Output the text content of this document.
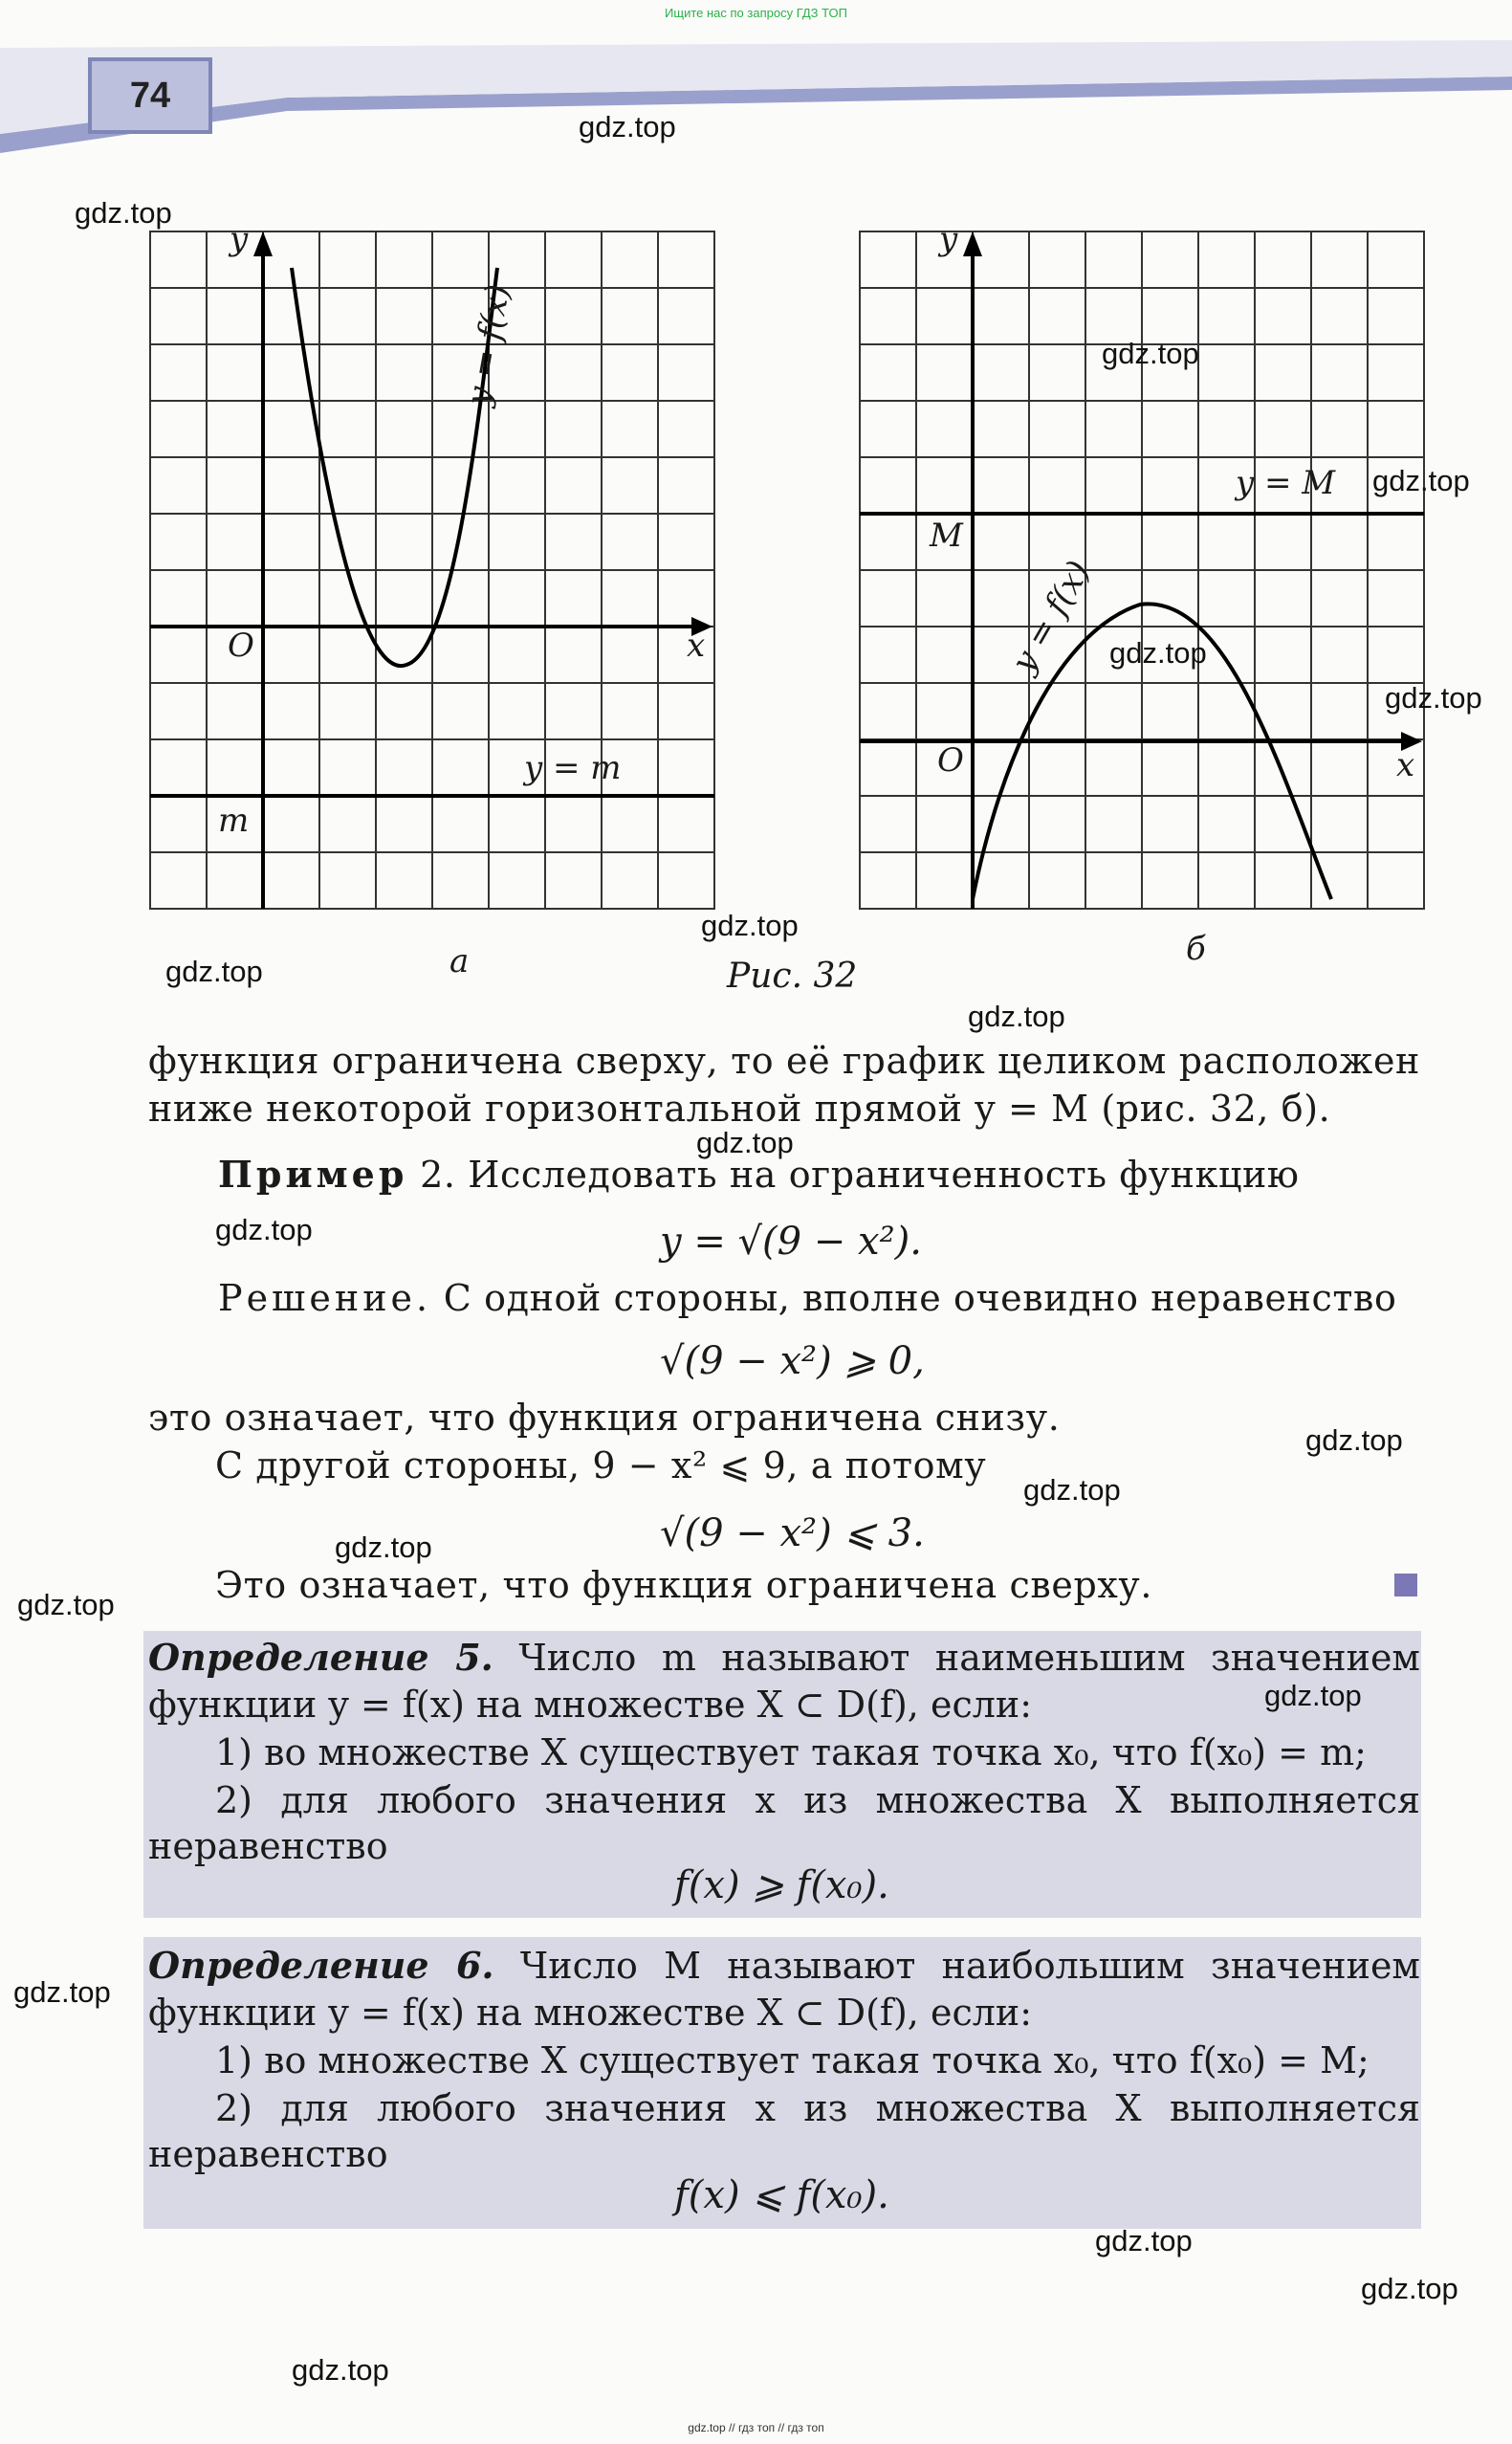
Ищите нас по запросу ГДЗ ТОП
74
y
O	x
y = f(x)
y = m
m
а
y
M
y = M
y = f(x)
O	x
б
Рис. 32
функция ограничена сверху, то её график целиком расположен
ниже некоторой горизонтальной прямой y = M (рис. 32, б).
Пример 2. Исследовать на ограниченность функцию
y = √(9 − x²).
Решение. С одной стороны, вполне очевидно неравенство
√(9 − x²) ⩾ 0,
это означает, что функция ограничена снизу.
С другой стороны, 9 − x² ⩽ 9, а потому
√(9 − x²) ⩽ 3.
Это означает, что функция ограничена сверху.
Определение 5. Число m называют наименьшим значением
функции y = f(x) на множестве X ⊂ D(f), если:
1) во множестве X существует такая точка x₀, что f(x₀) = m;
2) для любого значения x из множества X выполняется
неравенство
f(x) ⩾ f(x₀).
Определение 6. Число M называют наибольшим значением
функции y = f(x) на множестве X ⊂ D(f), если:
1) во множестве X существует такая точка x₀, что f(x₀) = M;
2) для любого значения x из множества X выполняется
неравенство
f(x) ⩽ f(x₀).
gdz.top
gdz.top
gdz.top
gdz.top
gdz.top
gdz.top
gdz.top
gdz.top
gdz.top
gdz.top
gdz.top
gdz.top
gdz.top
gdz.top
gdz.top
gdz.top
gdz.top
gdz.top
gdz.top
gdz.top
gdz.top // гдз топ // гдз топ
